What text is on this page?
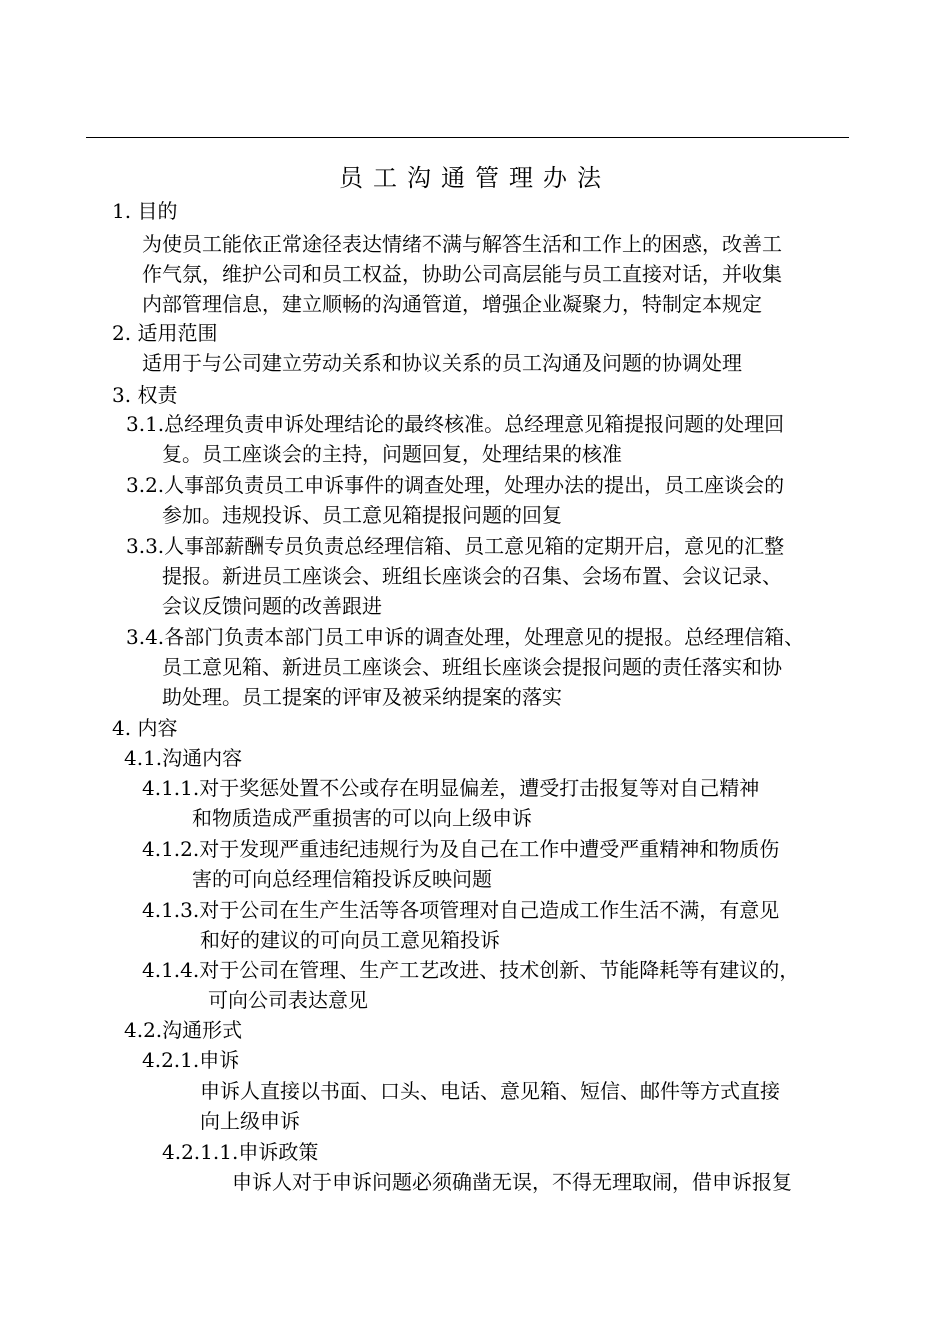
员工沟通管理办法
1. 目的
为使员工能依正常途径表达情绪不满与解答生活和工作上的困惑，改善工
作气氛，维护公司和员工权益，协助公司高层能与员工直接对话，并收集
内部管理信息，建立顺畅的沟通管道，增强企业凝聚力，特制定本规定
2. 适用范围
适用于与公司建立劳动关系和协议关系的员工沟通及问题的协调处理
3. 权责
3.1.总经理负责申诉处理结论的最终核准。总经理意见箱提报问题的处理回
复。员工座谈会的主持，问题回复，处理结果的核准
3.2.人事部负责员工申诉事件的调查处理，处理办法的提出，员工座谈会的
参加。违规投诉、员工意见箱提报问题的回复
3.3.人事部薪酬专员负责总经理信箱、员工意见箱的定期开启，意见的汇整
提报。新进员工座谈会、班组长座谈会的召集、会场布置、会议记录、
会议反馈问题的改善跟进
3.4.各部门负责本部门员工申诉的调查处理，处理意见的提报。总经理信箱、
员工意见箱、新进员工座谈会、班组长座谈会提报问题的责任落实和协
助处理。员工提案的评审及被采纳提案的落实
4. 内容
4.1.沟通内容
4.1.1.对于奖惩处置不公或存在明显偏差，遭受打击报复等对自己精神
和物质造成严重损害的可以向上级申诉
4.1.2.对于发现严重违纪违规行为及自己在工作中遭受严重精神和物质伤
害的可向总经理信箱投诉反映问题
4.1.3.对于公司在生产生活等各项管理对自己造成工作生活不满，有意见
和好的建议的可向员工意见箱投诉
4.1.4.对于公司在管理、生产工艺改进、技术创新、节能降耗等有建议的，
可向公司表达意见
4.2.沟通形式
4.2.1.申诉
申诉人直接以书面、口头、电话、意见箱、短信、邮件等方式直接
向上级申诉
4.2.1.1.申诉政策
申诉人对于申诉问题必须确凿无误，不得无理取闹，借申诉报复
